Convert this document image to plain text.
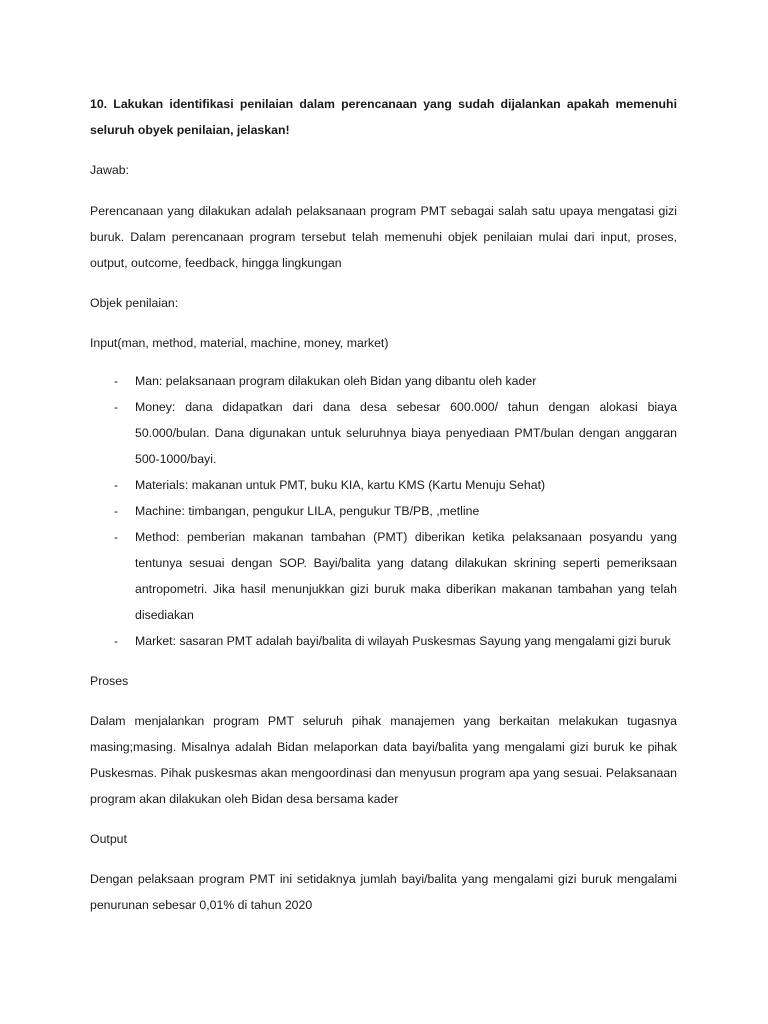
10. Lakukan identifikasi penilaian dalam perencanaan yang sudah dijalankan apakah memenuhi seluruh obyek penilaian, jelaskan!

Jawab:

Perencanaan yang dilakukan adalah pelaksanaan program PMT sebagai salah satu upaya mengatasi gizi buruk. Dalam perencanaan program tersebut telah memenuhi objek penilaian mulai dari input, proses, output, outcome, feedback, hingga lingkungan

Objek penilaian:

Input(man, method, material, machine, money, market)

- Man: pelaksanaan program dilakukan oleh Bidan yang dibantu oleh kader
- Money: dana didapatkan dari dana desa sebesar 600.000/ tahun dengan alokasi biaya 50.000/bulan. Dana digunakan untuk seluruhnya biaya penyediaan PMT/bulan dengan anggaran 500-1000/bayi.
- Materials: makanan untuk PMT, buku KIA, kartu KMS (Kartu Menuju Sehat)
- Machine: timbangan, pengukur LILA, pengukur TB/PB, ,metline
- Method: pemberian makanan tambahan (PMT) diberikan ketika pelaksanaan posyandu yang tentunya sesuai dengan SOP. Bayi/balita yang datang dilakukan skrining seperti pemeriksaan antropometri. Jika hasil menunjukkan gizi buruk maka diberikan makanan tambahan yang telah disediakan
- Market: sasaran PMT adalah bayi/balita di wilayah Puskesmas Sayung yang mengalami gizi buruk

Proses

Dalam menjalankan program PMT seluruh pihak manajemen yang berkaitan melakukan tugasnya masing;masing. Misalnya adalah Bidan melaporkan data bayi/balita yang mengalami gizi buruk ke pihak Puskesmas. Pihak puskesmas akan mengoordinasi dan menyusun program apa yang sesuai. Pelaksanaan program akan dilakukan oleh Bidan desa bersama kader

Output

Dengan pelaksaan program PMT ini setidaknya jumlah bayi/balita yang mengalami gizi buruk mengalami penurunan sebesar 0,01% di tahun 2020
